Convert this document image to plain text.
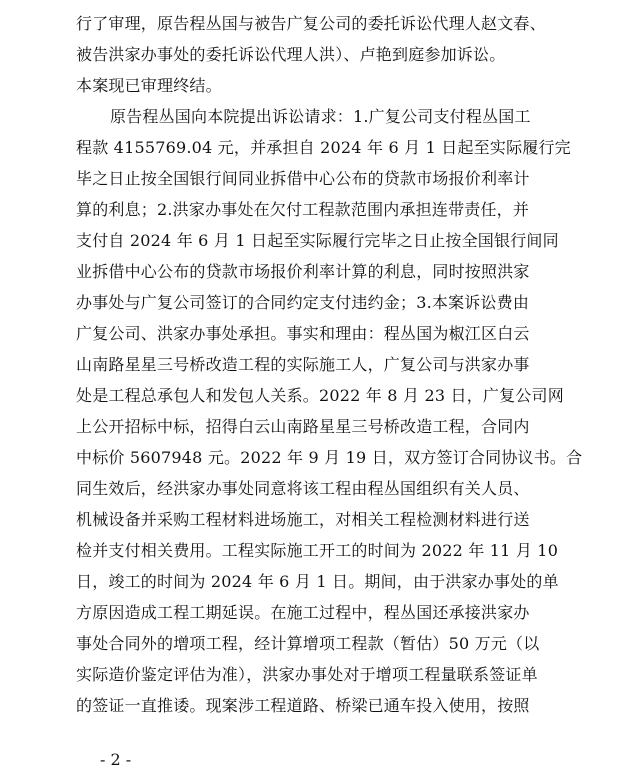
行了审理，原告程丛国与被告广复公司的委托诉讼代理人赵文春、
被告洪家办事处的委托诉讼代理人洪）、卢艳到庭参加诉讼。
本案现已审理终结。
原告程丛国向本院提出诉讼请求：1.广复公司支付程丛国工
程款 4155769.04 元，并承担自 2024 年 6 月 1 日起至实际履行完
毕之日止按全国银行间同业拆借中心公布的贷款市场报价利率计
算的利息；2.洪家办事处在欠付工程款范围内承担连带责任，并
支付自 2024 年 6 月 1 日起至实际履行完毕之日止按全国银行间同
业拆借中心公布的贷款市场报价利率计算的利息，同时按照洪家
办事处与广复公司签订的合同约定支付违约金；3.本案诉讼费由
广复公司、洪家办事处承担。事实和理由：程丛国为椒江区白云
山南路星星三号桥改造工程的实际施工人，广复公司与洪家办事
处是工程总承包人和发包人关系。2022 年 8 月 23 日，广复公司网
上公开招标中标，招得白云山南路星星三号桥改造工程，合同内
中标价 5607948 元。2022 年 9 月 19 日，双方签订合同协议书。合
同生效后，经洪家办事处同意将该工程由程丛国组织有关人员、
机械设备并采购工程材料进场施工，对相关工程检测材料进行送
检并支付相关费用。工程实际施工开工的时间为 2022 年 11 月 10
日，竣工的时间为 2024 年 6 月 1 日。期间，由于洪家办事处的单
方原因造成工程工期延误。在施工过程中，程丛国还承接洪家办
事处合同外的增项工程，经计算增项工程款（暂估）50 万元（以
实际造价鉴定评估为准），洪家办事处对于增项工程量联系签证单
的签证一直推诿。现案涉工程道路、桥梁已通车投入使用，按照
- 2 -
